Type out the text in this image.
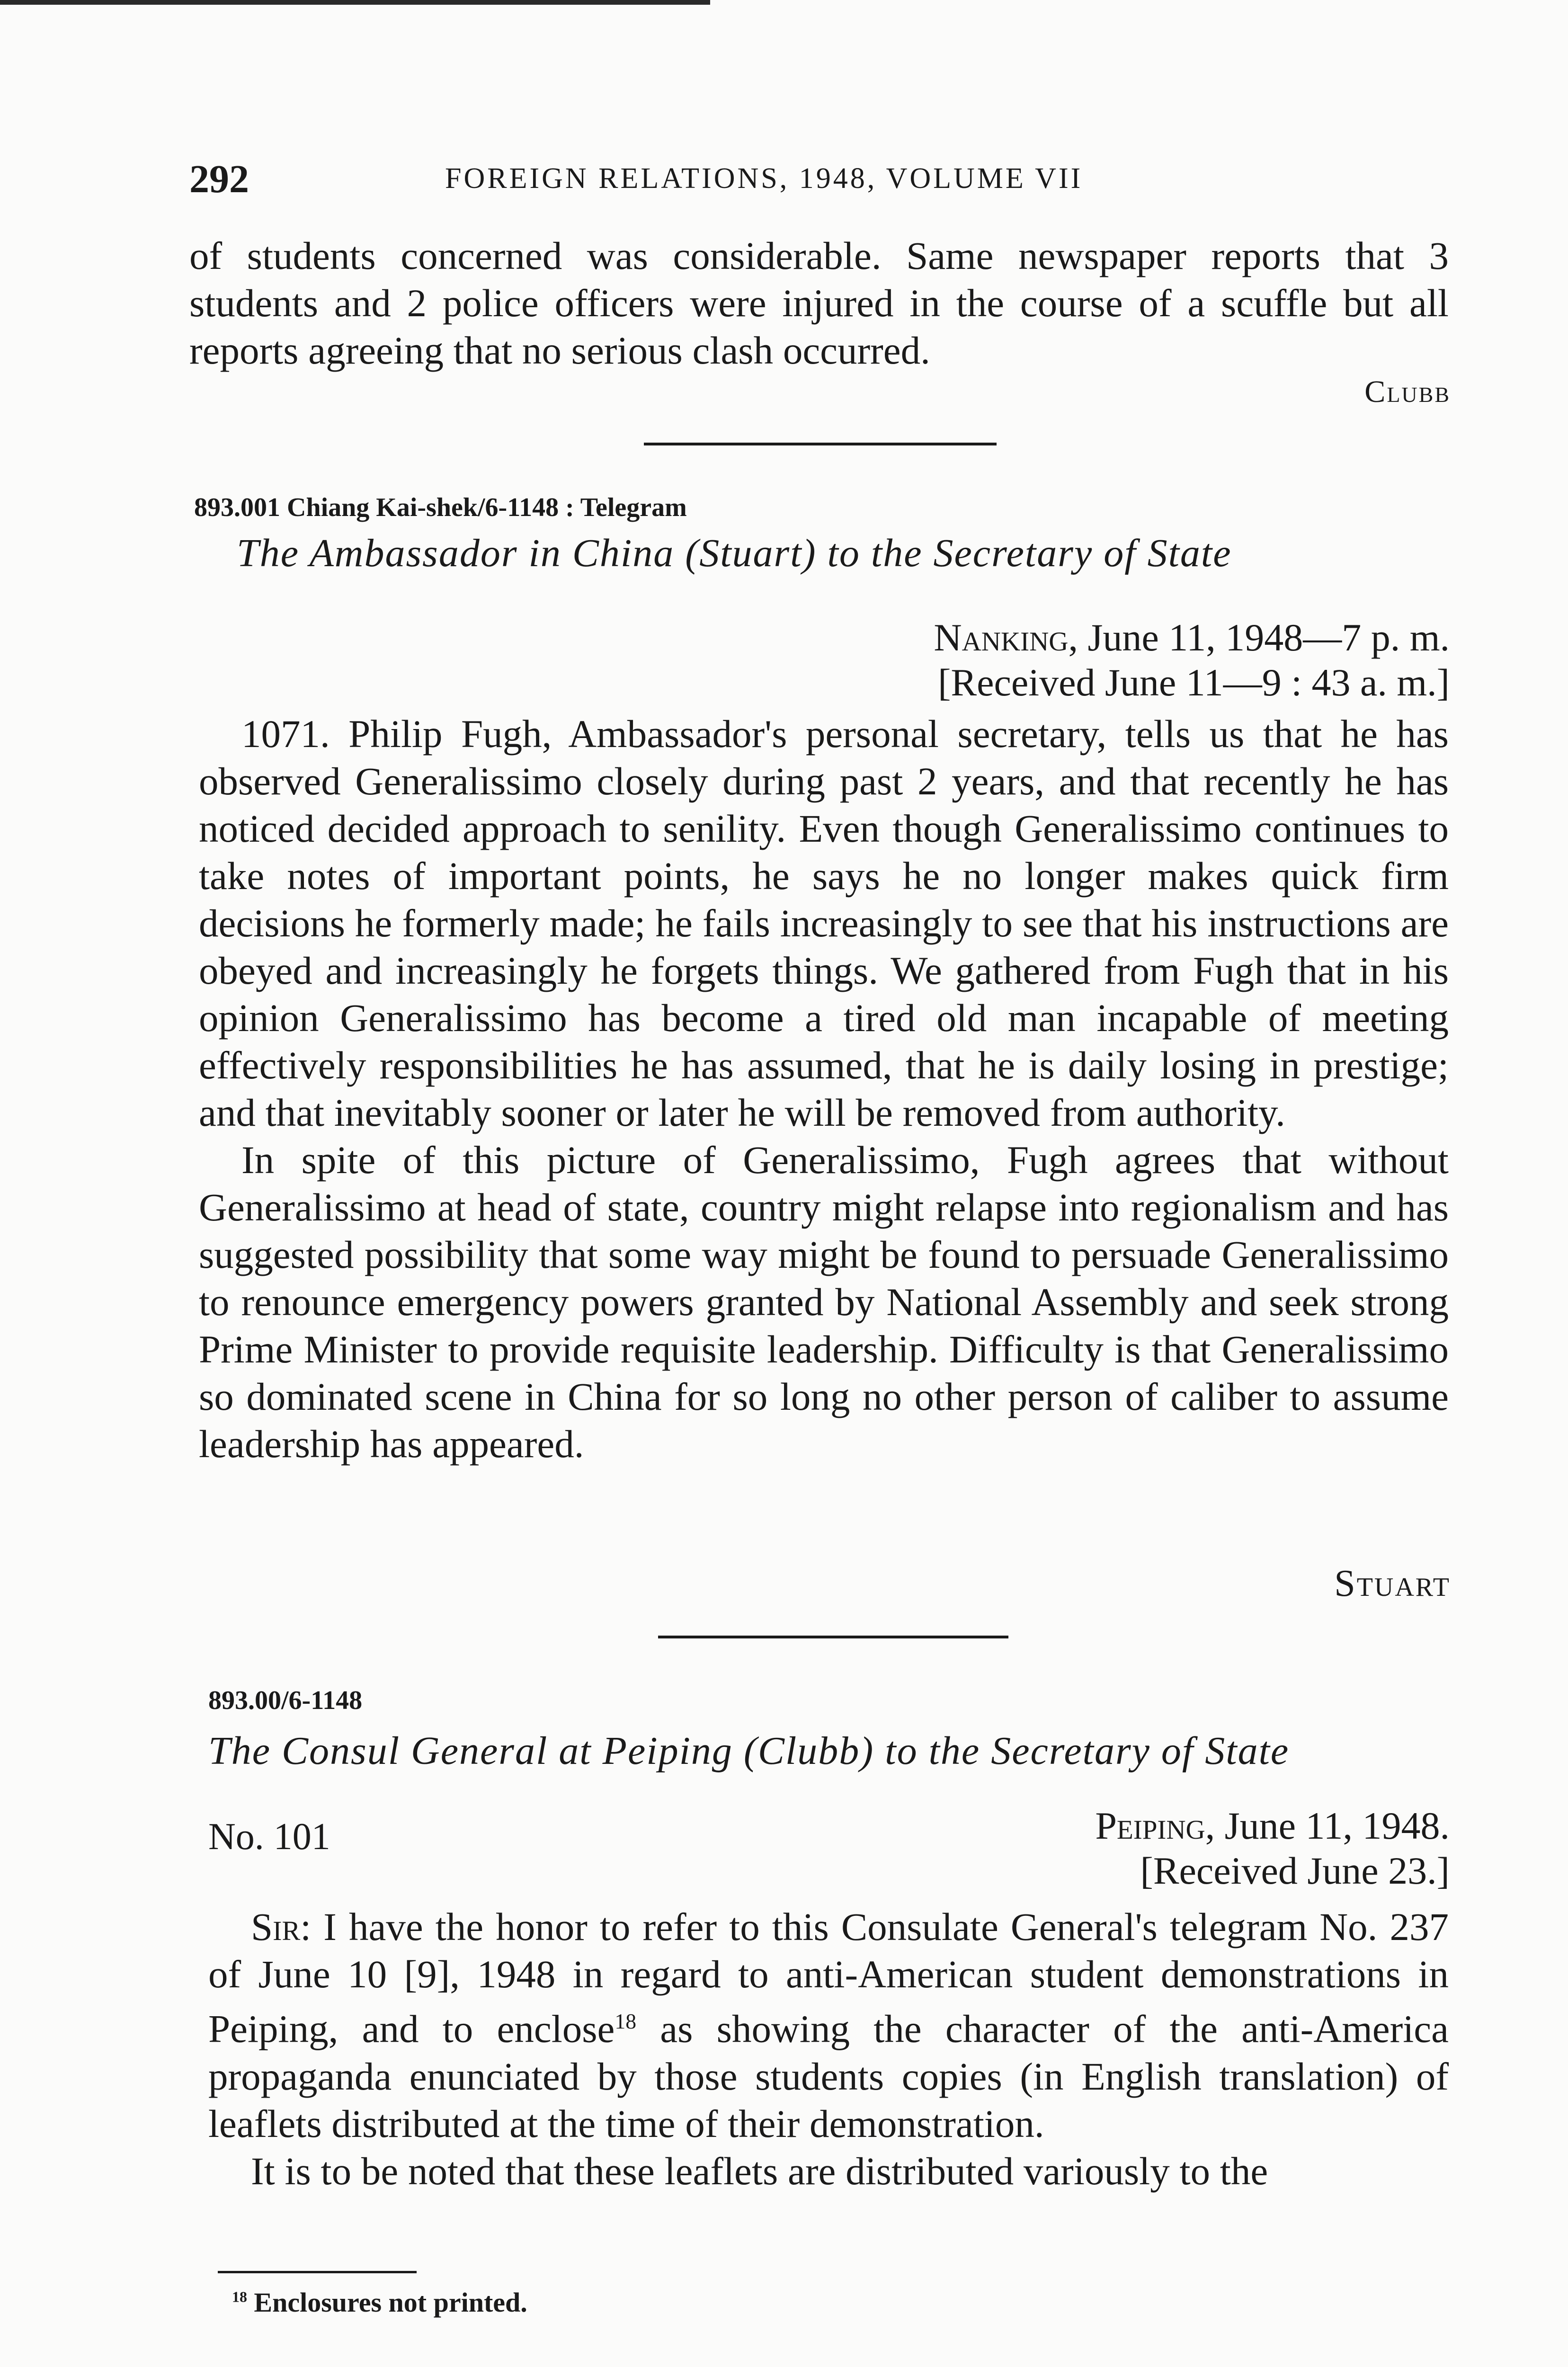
292	FOREIGN RELATIONS, 1948, VOLUME VII

of students concerned was considerable. Same newspaper reports that 3 students and 2 police officers were injured in the course of a scuffle but all reports agreeing that no serious clash occurred.

Clubb
893.001 Chiang Kai-shek/6-1148 : Telegram
The Ambassador in China (Stuart) to the Secretary of State
Nanking, June 11, 1948—7 p. m.
[Received June 11—9 : 43 a. m.]

1071. Philip Fugh, Ambassador's personal secretary, tells us that he has observed Generalissimo closely during past 2 years, and that recently he has noticed decided approach to senility. Even though Generalissimo continues to take notes of important points, he says he no longer makes quick firm decisions he formerly made; he fails increasingly to see that his instructions are obeyed and increasingly he forgets things. We gathered from Fugh that in his opinion Generalissimo has become a tired old man incapable of meeting effectively responsibilities he has assumed, that he is daily losing in prestige; and that inevitably sooner or later he will be removed from authority.

In spite of this picture of Generalissimo, Fugh agrees that without Generalissimo at head of state, country might relapse into regionalism and has suggested possibility that some way might be found to persuade Generalissimo to renounce emergency powers granted by National Assembly and seek strong Prime Minister to provide requisite leadership. Difficulty is that Generalissimo so dominated scene in China for so long no other person of caliber to assume leadership has appeared.

Stuart
893.00/6-1148
The Consul General at Peiping (Clubb) to the Secretary of State
No. 101	Peiping, June 11, 1948.
[Received June 23.]

Sir: I have the honor to refer to this Consulate General's telegram No. 237 of June 10 [9], 1948 in regard to anti-American student demonstrations in Peiping, and to enclose$^{18}$ as showing the character of the anti-America propaganda enunciated by those students copies (in English translation) of leaflets distributed at the time of their demonstration.

It is to be noted that these leaflets are distributed variously to the

$^{18}$ Enclosures not printed.
